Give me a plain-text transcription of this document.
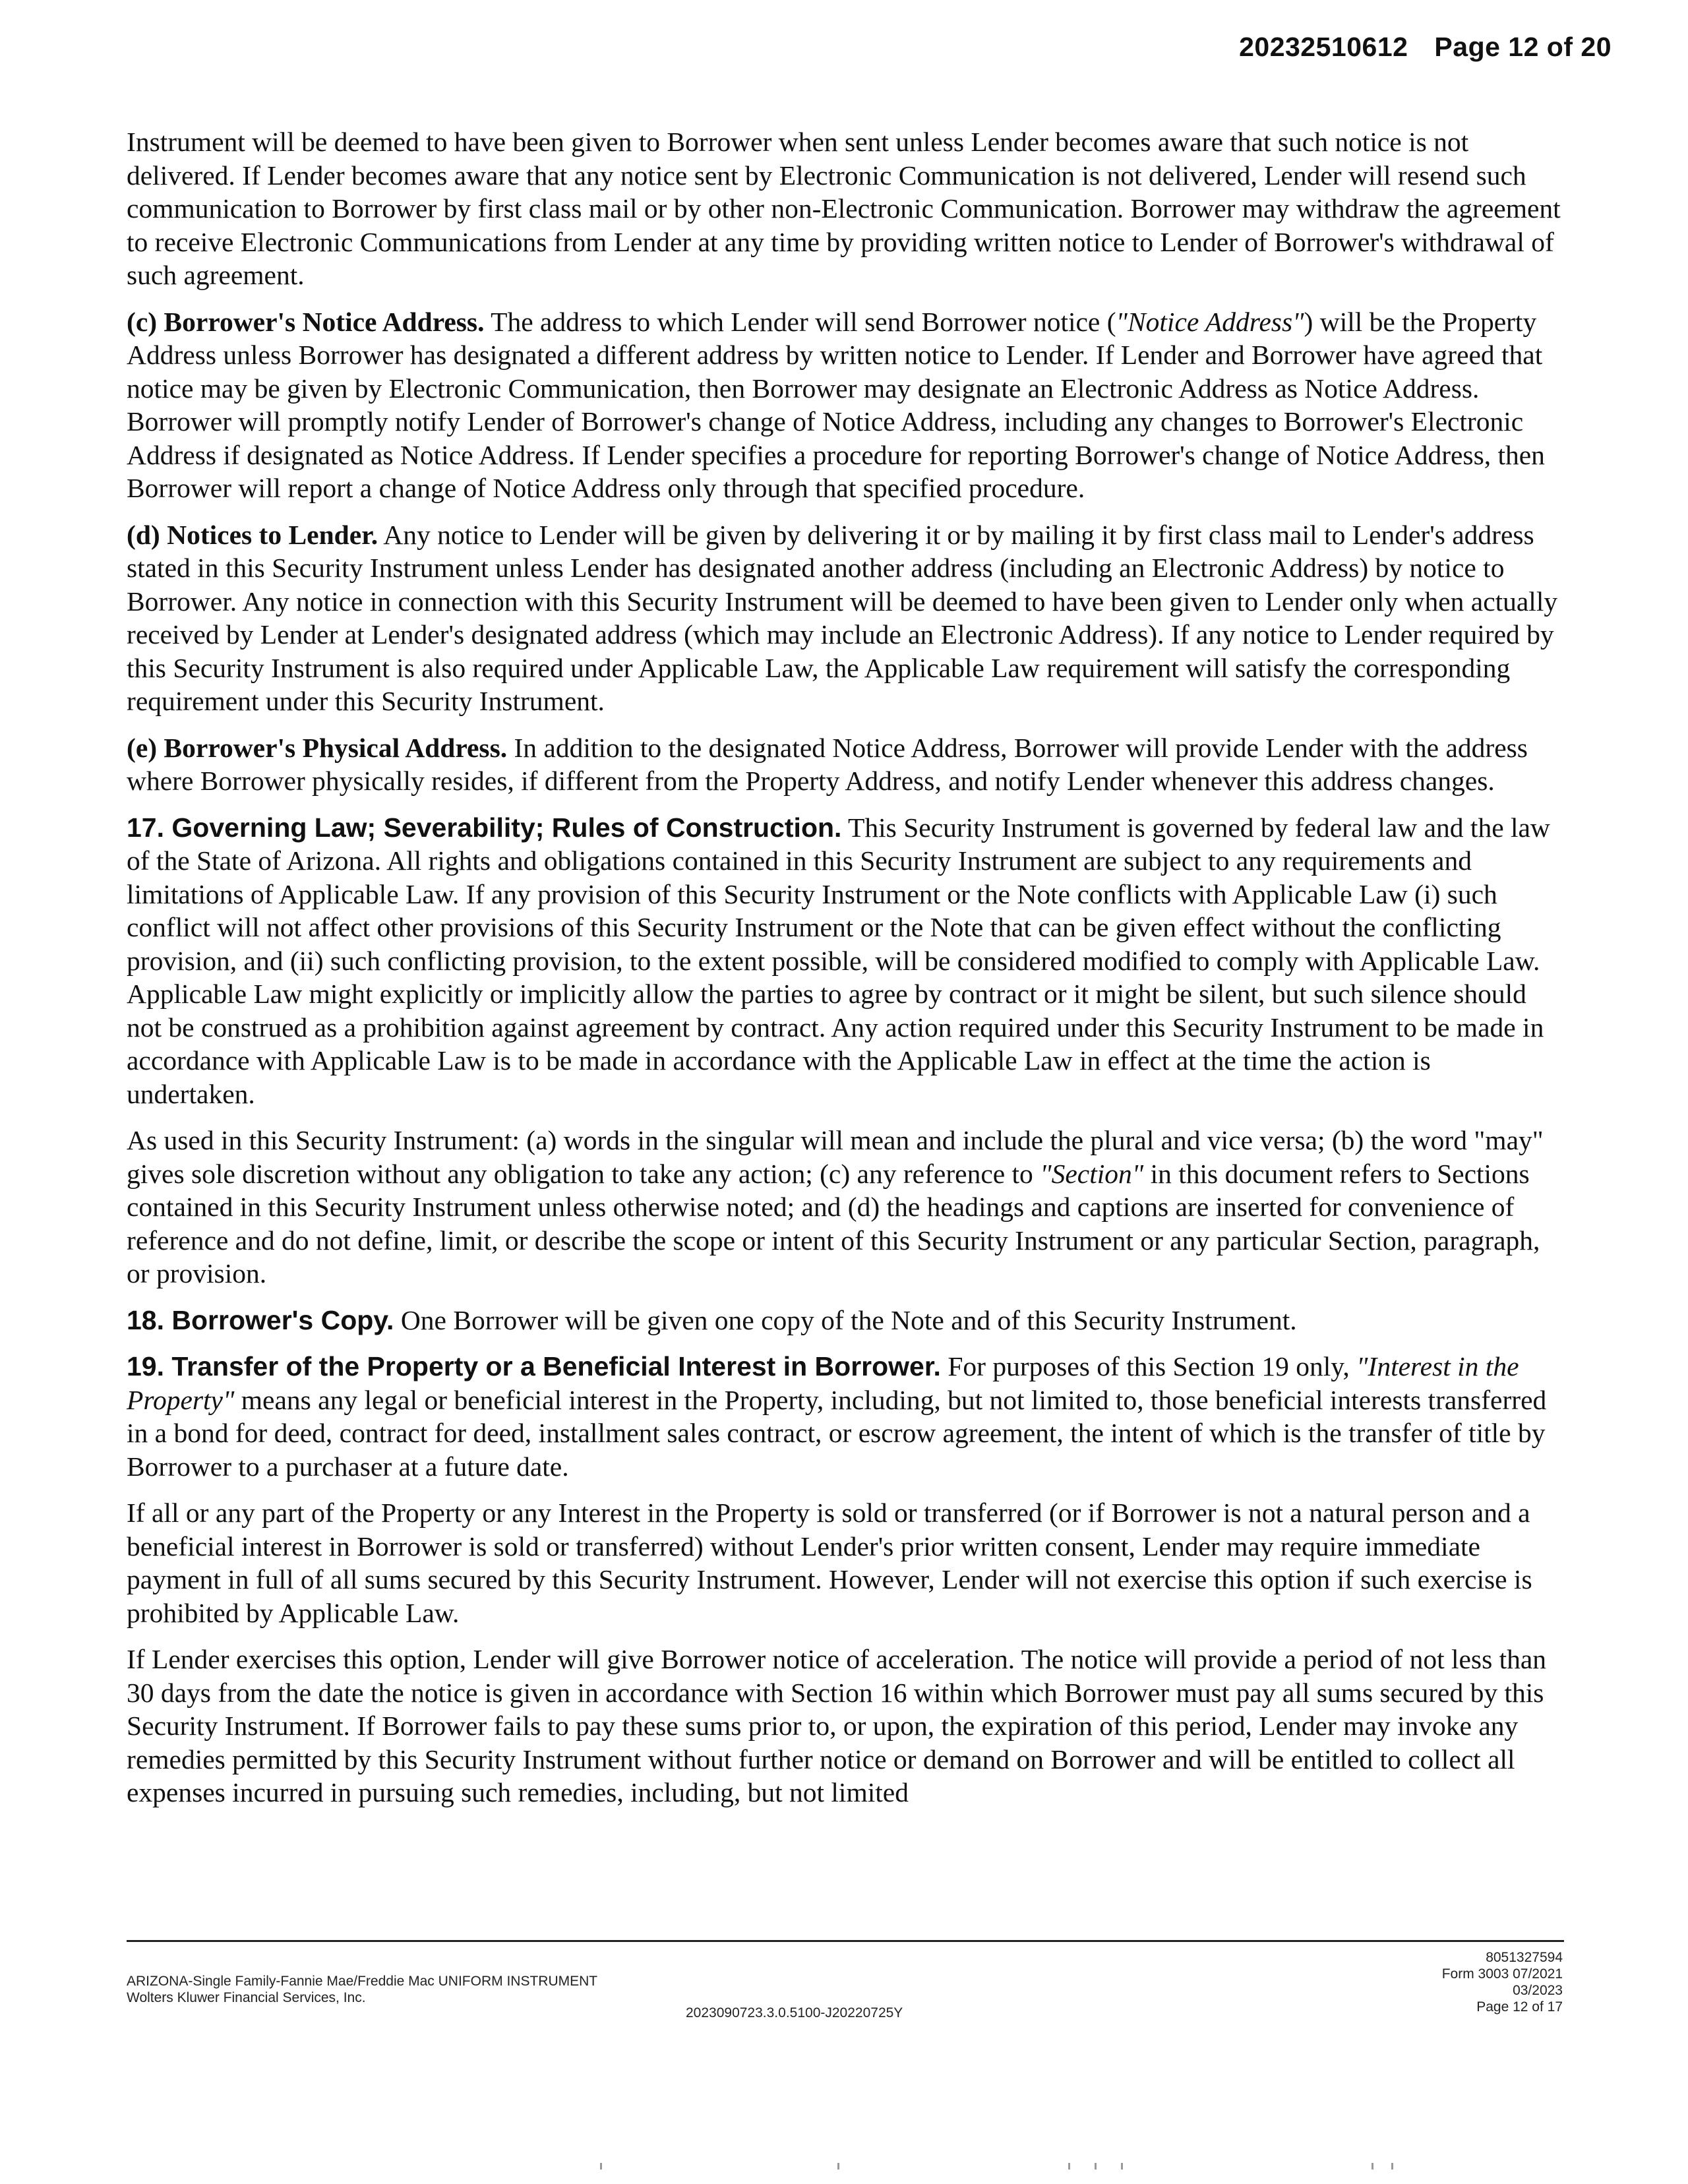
20232510612 Page 12 of 20

Instrument will be deemed to have been given to Borrower when sent unless Lender becomes aware that such notice is not delivered. If Lender becomes aware that any notice sent by Electronic Communication is not delivered, Lender will resend such communication to Borrower by first class mail or by other non-Electronic Communication. Borrower may withdraw the agreement to receive Electronic Communications from Lender at any time by providing written notice to Lender of Borrower's withdrawal of such agreement.

(c) Borrower's Notice Address. The address to which Lender will send Borrower notice ("Notice Address") will be the Property Address unless Borrower has designated a different address by written notice to Lender. If Lender and Borrower have agreed that notice may be given by Electronic Communication, then Borrower may designate an Electronic Address as Notice Address. Borrower will promptly notify Lender of Borrower's change of Notice Address, including any changes to Borrower's Electronic Address if designated as Notice Address. If Lender specifies a procedure for reporting Borrower's change of Notice Address, then Borrower will report a change of Notice Address only through that specified procedure.

(d) Notices to Lender. Any notice to Lender will be given by delivering it or by mailing it by first class mail to Lender's address stated in this Security Instrument unless Lender has designated another address (including an Electronic Address) by notice to Borrower. Any notice in connection with this Security Instrument will be deemed to have been given to Lender only when actually received by Lender at Lender's designated address (which may include an Electronic Address). If any notice to Lender required by this Security Instrument is also required under Applicable Law, the Applicable Law requirement will satisfy the corresponding requirement under this Security Instrument.

(e) Borrower's Physical Address. In addition to the designated Notice Address, Borrower will provide Lender with the address where Borrower physically resides, if different from the Property Address, and notify Lender whenever this address changes.

17. Governing Law; Severability; Rules of Construction. This Security Instrument is governed by federal law and the law of the State of Arizona. All rights and obligations contained in this Security Instrument are subject to any requirements and limitations of Applicable Law. If any provision of this Security Instrument or the Note conflicts with Applicable Law (i) such conflict will not affect other provisions of this Security Instrument or the Note that can be given effect without the conflicting provision, and (ii) such conflicting provision, to the extent possible, will be considered modified to comply with Applicable Law. Applicable Law might explicitly or implicitly allow the parties to agree by contract or it might be silent, but such silence should not be construed as a prohibition against agreement by contract. Any action required under this Security Instrument to be made in accordance with Applicable Law is to be made in accordance with the Applicable Law in effect at the time the action is undertaken.

As used in this Security Instrument: (a) words in the singular will mean and include the plural and vice versa; (b) the word "may" gives sole discretion without any obligation to take any action; (c) any reference to "Section" in this document refers to Sections contained in this Security Instrument unless otherwise noted; and (d) the headings and captions are inserted for convenience of reference and do not define, limit, or describe the scope or intent of this Security Instrument or any particular Section, paragraph, or provision.

18. Borrower's Copy. One Borrower will be given one copy of the Note and of this Security Instrument.

19. Transfer of the Property or a Beneficial Interest in Borrower. For purposes of this Section 19 only, "Interest in the Property" means any legal or beneficial interest in the Property, including, but not limited to, those beneficial interests transferred in a bond for deed, contract for deed, installment sales contract, or escrow agreement, the intent of which is the transfer of title by Borrower to a purchaser at a future date.

If all or any part of the Property or any Interest in the Property is sold or transferred (or if Borrower is not a natural person and a beneficial interest in Borrower is sold or transferred) without Lender's prior written consent, Lender may require immediate payment in full of all sums secured by this Security Instrument. However, Lender will not exercise this option if such exercise is prohibited by Applicable Law.

If Lender exercises this option, Lender will give Borrower notice of acceleration. The notice will provide a period of not less than 30 days from the date the notice is given in accordance with Section 16 within which Borrower must pay all sums secured by this Security Instrument. If Borrower fails to pay these sums prior to, or upon, the expiration of this period, Lender may invoke any remedies permitted by this Security Instrument without further notice or demand on Borrower and will be entitled to collect all expenses incurred in pursuing such remedies, including, but not limited

ARIZONA-Single Family-Fannie Mae/Freddie Mac UNIFORM INSTRUMENT
Wolters Kluwer Financial Services, Inc.
2023090723.3.0.5100-J20220725Y
8051327594
Form 3003 07/2021
03/2023
Page 12 of 17
